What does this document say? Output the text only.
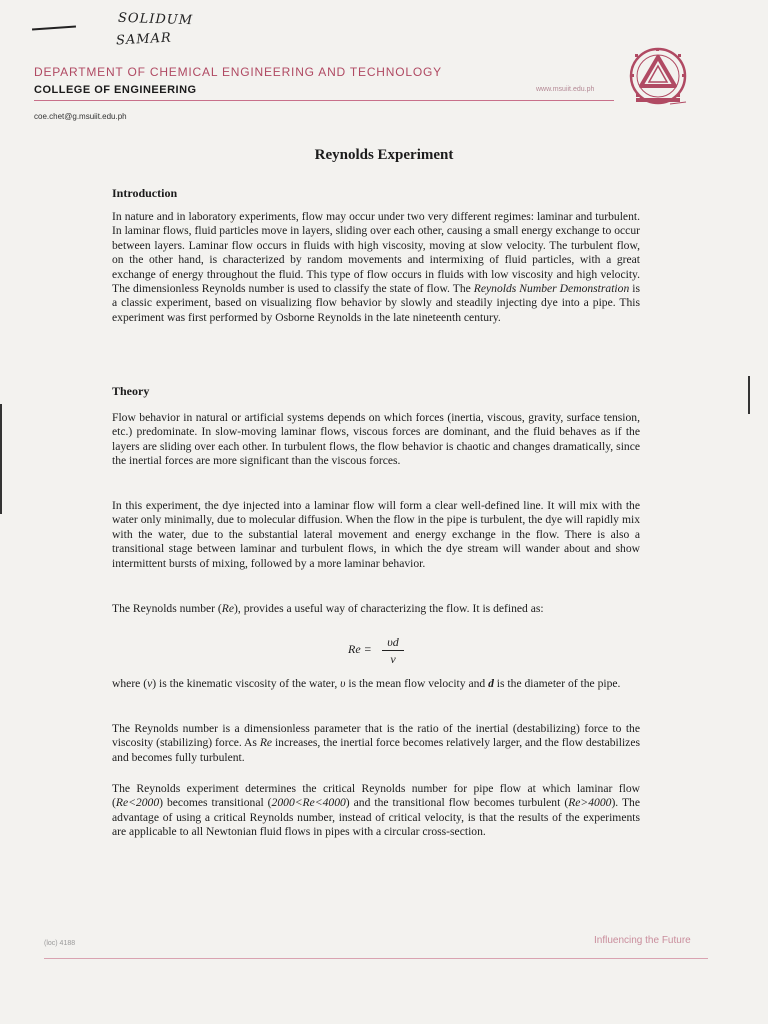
SOLIDUM
SAMAR
DEPARTMENT OF CHEMICAL ENGINEERING AND TECHNOLOGY
COLLEGE OF ENGINEERING	www.msuiit.edu.ph
coe.chet@g.msuiit.edu.ph
Reynolds Experiment
Introduction
In nature and in laboratory experiments, flow may occur under two very different regimes: laminar and turbulent. In laminar flows, fluid particles move in layers, sliding over each other, causing a small energy exchange to occur between layers. Laminar flow occurs in fluids with high viscosity, moving at slow velocity. The turbulent flow, on the other hand, is characterized by random movements and intermixing of fluid particles, with a great exchange of energy throughout the fluid. This type of flow occurs in fluids with low viscosity and high velocity. The dimensionless Reynolds number is used to classify the state of flow. The Reynolds Number Demonstration is a classic experiment, based on visualizing flow behavior by slowly and steadily injecting dye into a pipe. This experiment was first performed by Osborne Reynolds in the late nineteenth century.
Theory
Flow behavior in natural or artificial systems depends on which forces (inertia, viscous, gravity, surface tension, etc.) predominate. In slow-moving laminar flows, viscous forces are dominant, and the fluid behaves as if the layers are sliding over each other. In turbulent flows, the flow behavior is chaotic and changes dramatically, since the inertial forces are more significant than the viscous forces.
In this experiment, the dye injected into a laminar flow will form a clear well-defined line. It will mix with the water only minimally, due to molecular diffusion. When the flow in the pipe is turbulent, the dye will rapidly mix with the water, due to the substantial lateral movement and energy exchange in the flow. There is also a transitional stage between laminar and turbulent flows, in which the dye stream will wander about and show intermittent bursts of mixing, followed by a more laminar behavior.
The Reynolds number (Re), provides a useful way of characterizing the flow. It is defined as:
Re =	υd
ν
where (ν) is the kinematic viscosity of the water, υ is the mean flow velocity and d is the diameter of the pipe.
The Reynolds number is a dimensionless parameter that is the ratio of the inertial (destabilizing) force to the viscosity (stabilizing) force. As Re increases, the inertial force becomes relatively larger, and the flow destabilizes and becomes fully turbulent.
The Reynolds experiment determines the critical Reynolds number for pipe flow at which laminar flow (Re<2000) becomes transitional (2000<Re<4000) and the transitional flow becomes turbulent (Re>4000). The advantage of using a critical Reynolds number, instead of critical velocity, is that the results of the experiments are applicable to all Newtonian fluid flows in pipes with a circular cross-section.
(loc) 4188	Influencing the Future
